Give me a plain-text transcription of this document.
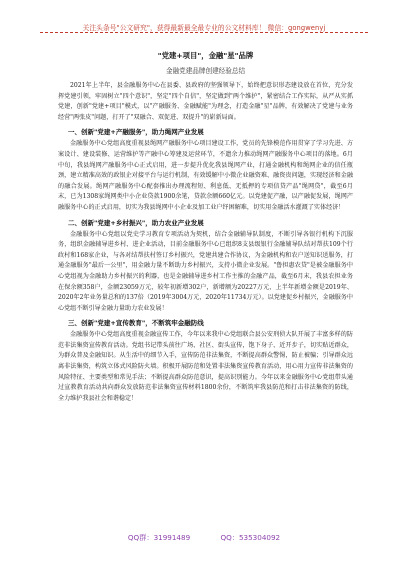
关注头条号"公文研究"，获得最新最全最专业的公文材料库！ 微信：gongwenyj
"党建+项目"，金融"星"品牌
金融党建品牌创建经验总结

2021年上半年，县金融服务中心在县委、县政府的坚强领导下，始终把意识形态建设放在首位，充分发挥党建引领，牢固树立"四个意识"，坚定"四个自信"，坚定做到"两个维护"，紧密结合工作实际，从严从实抓党建，创新"党建+项目"模式，以"产融服务、金融赋能"为理念，打造金融"星"品牌，有效解决了党建与业务经营"两张皮"问题，打开了"双融合、双促进、双提升"的崭新局面。

一、创新"党建+产融服务"，助力绳网产业发展

金融服务中心党组高度重视县绳网产融服务中心项目建设工作，党员的先锋模范作用贯穿了学习先进、方案设计、建设装修、运营维护等产融中心筹建及运营环节，不遗余力推动绳网产融服务中心项目的落地。6月中旬，我县绳网产融服务中心正式启用，进一步提升优化我县绳网产业，打通金融机构和绳网企业的信任瓶颈，建立精准高效的政银企对接平台与运行机制，有效缓解中小微企业融资难、融资贵问题，实现经济和金融的融合发展。绳网产融服务中心配套推出办理流程短、利息低、无抵押的专项信贷产品"绳网贷"，截至6月末，已为1308家绳网类中小企业贷款1900余笔，贷款余额660亿元。以党建促产融，以产融促发展，绳网产融服务中心的正式启用，切实为我县绳网中小企业及加工业户纾困解难，切实用金融活水灌溉了实体经济！

二、创新"党建+乡村振兴"，助力农业产业发展

金融服务中心党组以党史学习教育专项活动为契机，结合金融辅导队制度，不断引导各银行机构下沉服务，组织金融辅导进乡村、进企业活动，目前金融服务中心已组织8支县级银行金融辅导队结对帮扶109个行政村和168家企业，与各对结帮扶村签订乡村振兴，党建共建合作协议，为金融机构和农户送知识送服务，打通金融服务"最后一公里"，用金融力量不断助力乡村振兴，支持小微企业发展。"鲁担惠农贷"是被金融服务中心党组视为金融助力乡村振兴的利器，也是金融辅导进乡村工作主推的金融产品，截至6月末，我县农担业务在保余额358户，金额23059万元，较年初新增302户，新增额为20227万元，上半年新增金额是2019年、2020年2年业务量总和的137倍（2019年3004万元，2020年11734万元）。以党建促乡村振兴，金融服务中心党组不断引导金融力量助力农业发展！

三、创新"党建+宣传教育"，不断筑牢金融防线

金融服务中心党组高度重视金融宣传工作，今年以来我中心党组联合县公安刑侦大队开展了丰富多样的防范非法集资宣传教育活动。党组书记带头前往广场、社区、街头宣传，饱下身子、近开步子，切实贴近群众，为群众普及金融知识。从生活中的细节入手，宣传防范非法集资，不断提高群众警惕，防止被骗；引导群众远离非法集资，构筑立体式风险防火墙。积极开展防范和处置非法集资宣传教育活动，用心用力宣传非法集资的风险特征、主要类型和常见手法；不断提高群众防范意识，提高识别能力。今年以来金融服务中心党组带头通过宣教教育活动共向群众发放防范非法集资宣传材料1800余份，不断筑牢我县防范和打击非法集资的防线，全力维护我县社会和谐稳定！

QQ群：31991489	QQ：535304092
